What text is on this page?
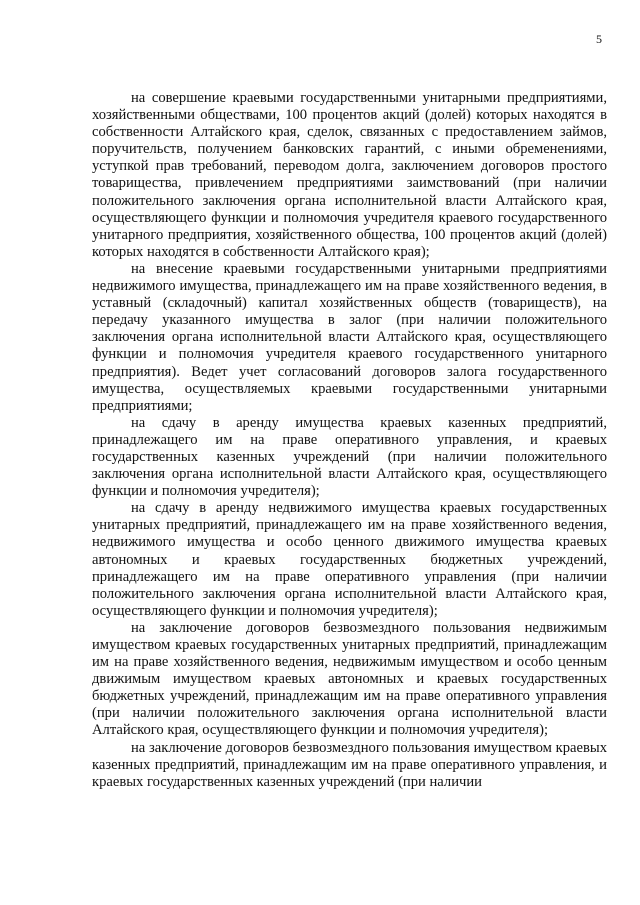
5

на совершение краевыми государственными унитарными предприятиями, хозяйственными обществами, 100 процентов акций (долей) которых находятся в собственности Алтайского края, сделок, связанных с предоставлением займов, поручительств, получением банковских гарантий, с иными обременениями, уступкой прав требований, переводом долга, заключением договоров простого товарищества, привлечением предприятиями заимствований (при наличии положительного заключения органа исполнительной власти Алтайского края, осуществляющего функции и полномочия учредителя краевого государственного унитарного предприятия, хозяйственного общества, 100 процентов акций (долей) которых находятся в собственности Алтайского края);

на внесение краевыми государственными унитарными предприятиями недвижимого имущества, принадлежащего им на праве хозяйственного ведения, в уставный (складочный) капитал хозяйственных обществ (товариществ), на передачу указанного имущества в залог (при наличии положительного заключения органа исполнительной власти Алтайского края, осуществляющего функции и полномочия учредителя краевого государственного унитарного предприятия). Ведет учет согласований договоров залога государственного имущества, осуществляемых краевыми государственными унитарными предприятиями;

на сдачу в аренду имущества краевых казенных предприятий, принадлежащего им на праве оперативного управления, и краевых государственных казенных учреждений (при наличии положительного заключения органа исполнительной власти Алтайского края, осуществляющего функции и полномочия учредителя);

на сдачу в аренду недвижимого имущества краевых государственных унитарных предприятий, принадлежащего им на праве хозяйственного ведения, недвижимого имущества и особо ценного движимого имущества краевых автономных и краевых государственных бюджетных учреждений, принадлежащего им на праве оперативного управления (при наличии положительного заключения органа исполнительной власти Алтайского края, осуществляющего функции и полномочия учредителя);

на заключение договоров безвозмездного пользования недвижимым имуществом краевых государственных унитарных предприятий, принадлежащим им на праве хозяйственного ведения, недвижимым имуществом и особо ценным движимым имуществом краевых автономных и краевых государственных бюджетных учреждений, принадлежащим им на праве оперативного управления (при наличии положительного заключения органа исполнительной власти Алтайского края, осуществляющего функции и полномочия учредителя);

на заключение договоров безвозмездного пользования имуществом краевых казенных предприятий, принадлежащим им на праве оперативного управления, и краевых государственных казенных учреждений (при наличии
